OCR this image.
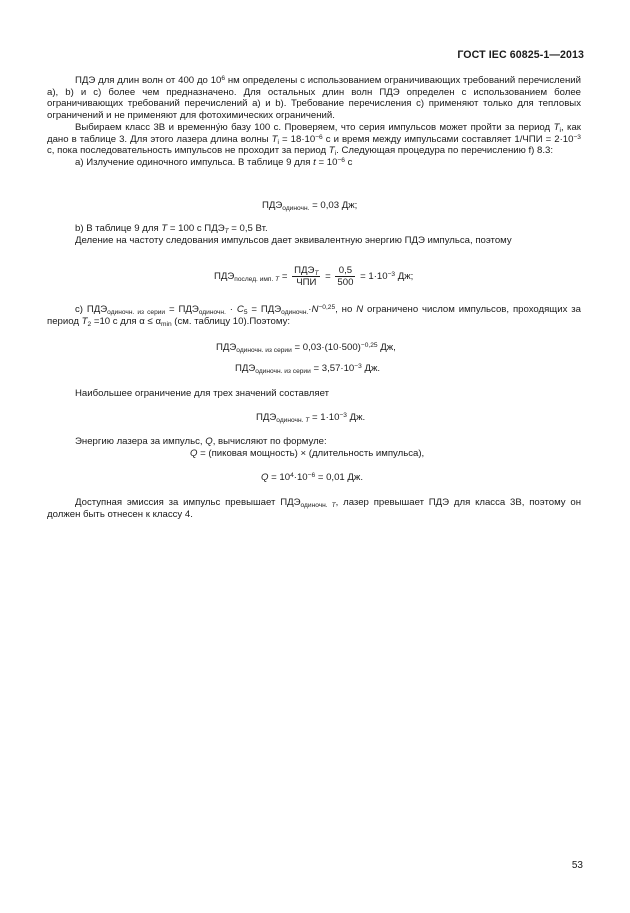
ГОСТ IEC 60825-1—2013

ПДЭ для длин волн от 400 до $10^6$ нм определены с использованием ограничивающих требований перечислений a), b) и c) более чем предназначено. Для остальных длин волн ПДЭ определен с использованием более ограничивающих требований перечислений a) и b). Требование перечисления c) применяют только для тепловых ограничений и не применяют для фотохимических ограничений.

Выбираем класс 3В и временну́ю базу 100 с. Проверяем, что серия импульсов может пройти за период $T_i$, как дано в таблице 3. Для этого лазера длина волны $T_i = 18\cdot 10^{-6}$ с и время между импульсами составляет $1/ЧПИ = 2\cdot 10^{-3}$ с, пока последовательность импульсов не проходит за период $T_i$. Следующая процедура по перечислению f) 8.3:

a) Излучение одиночного импульса. В таблице 9 для $t = 10^{-6}$ с

$ПДЭ_{одиночн.} = 0,03$ Дж;

b) В таблице 9 для T = 100 с $ПДЭ_T = 0,5$ Вт.

Деление на частоту следования импульсов дает эквивалентную энергию ПДЭ импульса, поэтому

$ПДЭ_{послед. имп. T} = \frac{ПДЭ_T}{\text{ЧПИ}} = \frac{0,5}{500} = 1\cdot 10^{-3}$ Дж;

c) $ПДЭ_{одиночн. из серии} = ПДЭ_{одиночн.} \cdot C_5 = ПДЭ_{одиночн.}\cdot N^{-0,25}$, но N ограничено числом импульсов, проходящих за период $T_2 =10$ с для $\alpha \le \alpha_{min}$ (см. таблицу 10).Поэтому:

$ПДЭ_{одиночн. из серии} = 0,03\cdot(10\cdot 500)^{-0,25}$ Дж,
$ПДЭ_{одиночн. из серии} = 3,57\cdot 10^{-3}$ Дж.

Наибольшее ограничение для трех значений составляет

$ПДЭ_{одиночн. T} = 1\cdot 10^{-3}$ Дж.

Энергию лазера за импульс, Q, вычисляют по формуле:

Q = (пиковая мощность) × (длительность импульса),
$Q = 10^4\cdot 10^{-6} = 0,01$ Дж.

Доступная эмиссия за импульс превышает $ПДЭ_{одиночн. T}$, лазер превышает ПДЭ для класса 3В, поэтому он должен быть отнесен к классу 4.

53
